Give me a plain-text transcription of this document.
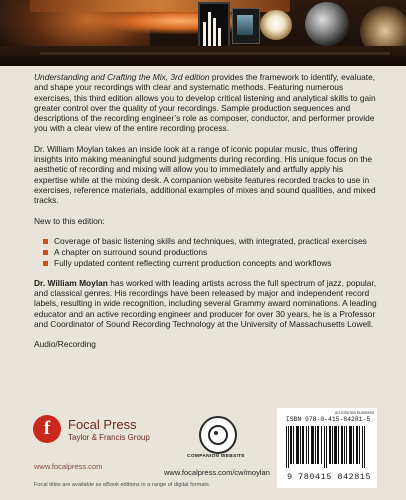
Understanding and Crafting the Mix, 3rd edition provides the framework to identify, evaluate, and shape your recordings with clear and systematic methods. Featuring numerous exercises, this third edition allows you to develop critical listening and analytical skills to gain greater control over the quality of your recordings. Sample production sequences and descriptions of the recording engineer’s role as composer, conductor, and performer provide you with a clear view of the entire recording process.

Dr. William Moylan takes an inside look at a range of iconic popular music, thus offering insights into making meaningful sound judgments during recording. His unique focus on the aesthetic of recording and mixing will allow you to immediately and artfully apply his expertise while at the mixing desk. A companion website features recorded tracks to use in exercises, reference materials, additional examples of mixes and sound qualities, and mixed tracks.

New to this edition:

Coverage of basic listening skills and techniques, with integrated, practical exercises
A chapter on surround sound productions
Fully updated content reflecting current production concepts and workflows

Dr. William Moylan has worked with leading artists across the full spectrum of jazz, popular, and classical genres. His recordings have been released by major and independent record labels, resulting in wide recognition, including several Grammy award nominations. A leading educator and an active recording engineer and producer for over 30 years, he is a Professor and Coordinator of Sound Recording Technology at the University of Massachusetts Lowell.

Audio/Recording

f	Focal Press
Taylor & Francis Group
www.focalpress.com
Focal titles are available as eBook editions in a range of digital formats
COMPANION WEBSITE
www.focalpress.com/cw/moylan
an informa business
ISBN 978-0-415-84281-5
9 780415 842815
